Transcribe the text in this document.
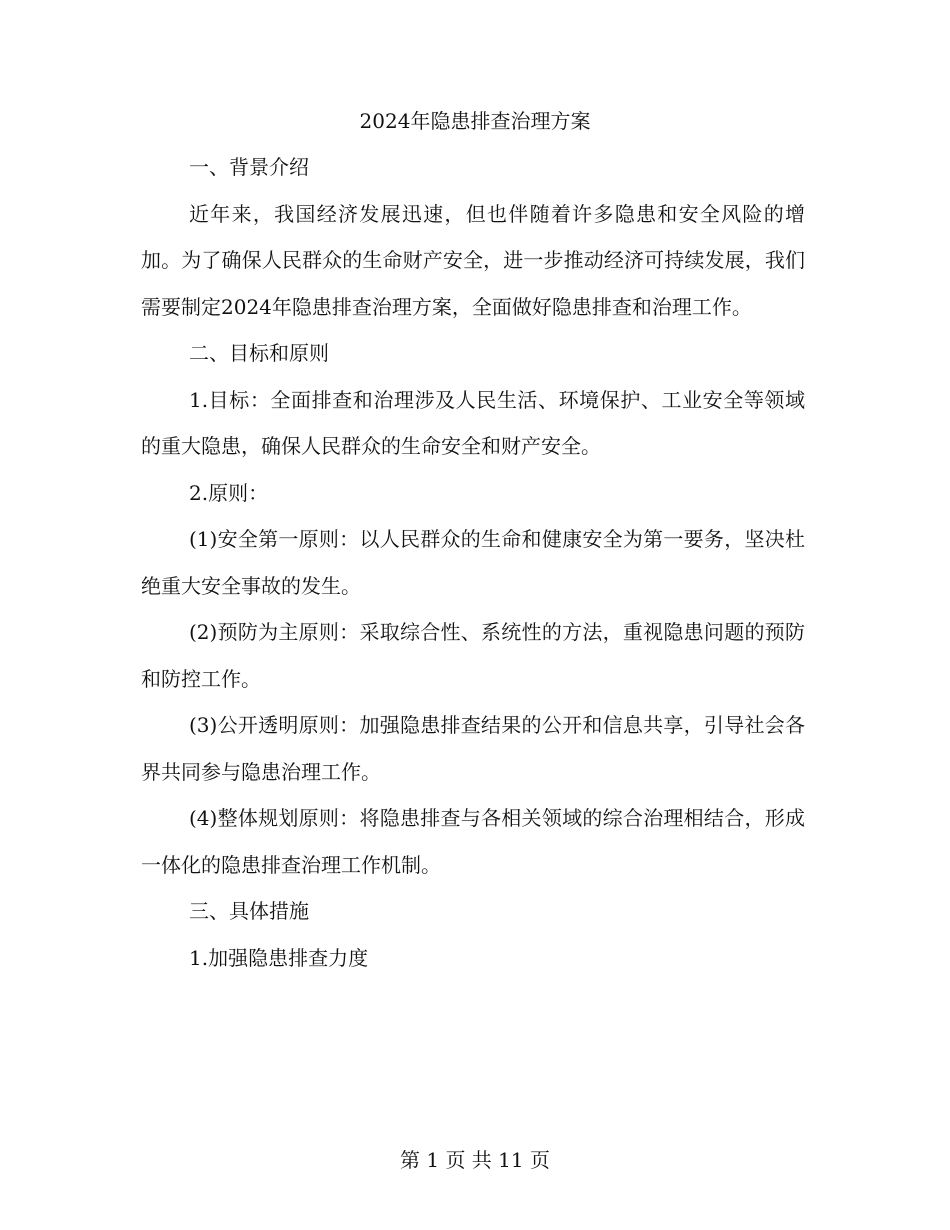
2024年隐患排查治理方案

一、背景介绍

近年来，我国经济发展迅速，但也伴随着许多隐患和安全风险的增加。为了确保人民群众的生命财产安全，进一步推动经济可持续发展，我们需要制定2024年隐患排查治理方案，全面做好隐患排查和治理工作。

二、目标和原则

1.目标：全面排查和治理涉及人民生活、环境保护、工业安全等领域的重大隐患，确保人民群众的生命安全和财产安全。

2.原则：

(1)安全第一原则：以人民群众的生命和健康安全为第一要务，坚决杜绝重大安全事故的发生。

(2)预防为主原则：采取综合性、系统性的方法，重视隐患问题的预防和防控工作。

(3)公开透明原则：加强隐患排查结果的公开和信息共享，引导社会各界共同参与隐患治理工作。

(4)整体规划原则：将隐患排查与各相关领域的综合治理相结合，形成一体化的隐患排查治理工作机制。

三、具体措施

1.加强隐患排查力度

第 1 页 共 11 页
